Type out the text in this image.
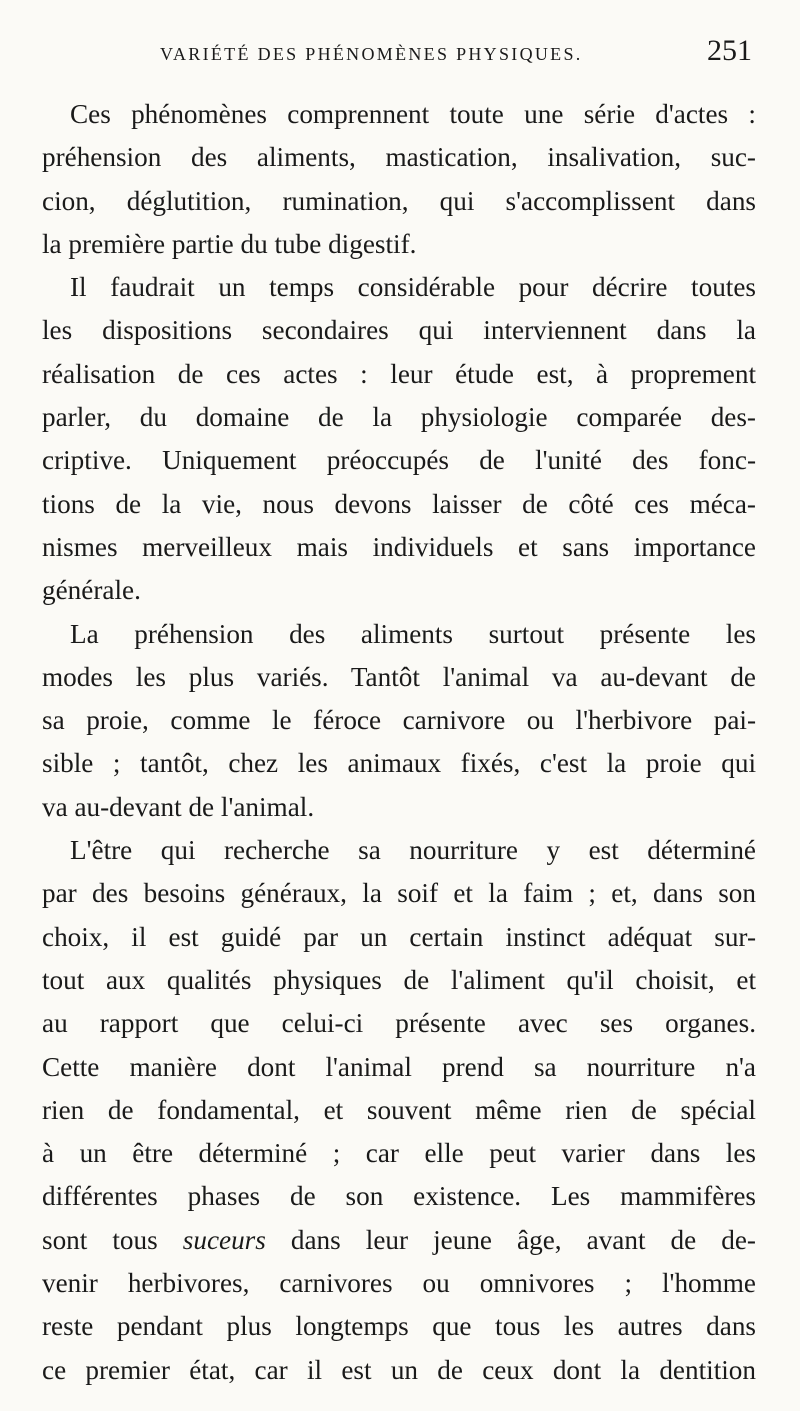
VARIÉTÉ DES PHÉNOMÈNES PHYSIQUES.	251
Ces phénomènes comprennent toute une série d'actes :
préhension des aliments, mastication, insalivation, suc-
cion, déglutition, rumination, qui s'accomplissent dans
la première partie du tube digestif.
Il faudrait un temps considérable pour décrire toutes
les dispositions secondaires qui interviennent dans la
réalisation de ces actes : leur étude est, à proprement
parler, du domaine de la physiologie comparée des-
criptive. Uniquement préoccupés de l'unité des fonc-
tions de la vie, nous devons laisser de côté ces méca-
nismes merveilleux mais individuels et sans importance
générale.
La préhension des aliments surtout présente les
modes les plus variés. Tantôt l'animal va au-devant de
sa proie, comme le féroce carnivore ou l'herbivore pai-
sible ; tantôt, chez les animaux fixés, c'est la proie qui
va au-devant de l'animal.
L'être qui recherche sa nourriture y est déterminé
par des besoins généraux, la soif et la faim ; et, dans son
choix, il est guidé par un certain instinct adéquat sur-
tout aux qualités physiques de l'aliment qu'il choisit, et
au rapport que celui-ci présente avec ses organes.
Cette manière dont l'animal prend sa nourriture n'a
rien de fondamental, et souvent même rien de spécial
à un être déterminé ; car elle peut varier dans les
différentes phases de son existence. Les mammifères
sont tous suceurs dans leur jeune âge, avant de de-
venir herbivores, carnivores ou omnivores ; l'homme
reste pendant plus longtemps que tous les autres dans
ce premier état, car il est un de ceux dont la dentition
